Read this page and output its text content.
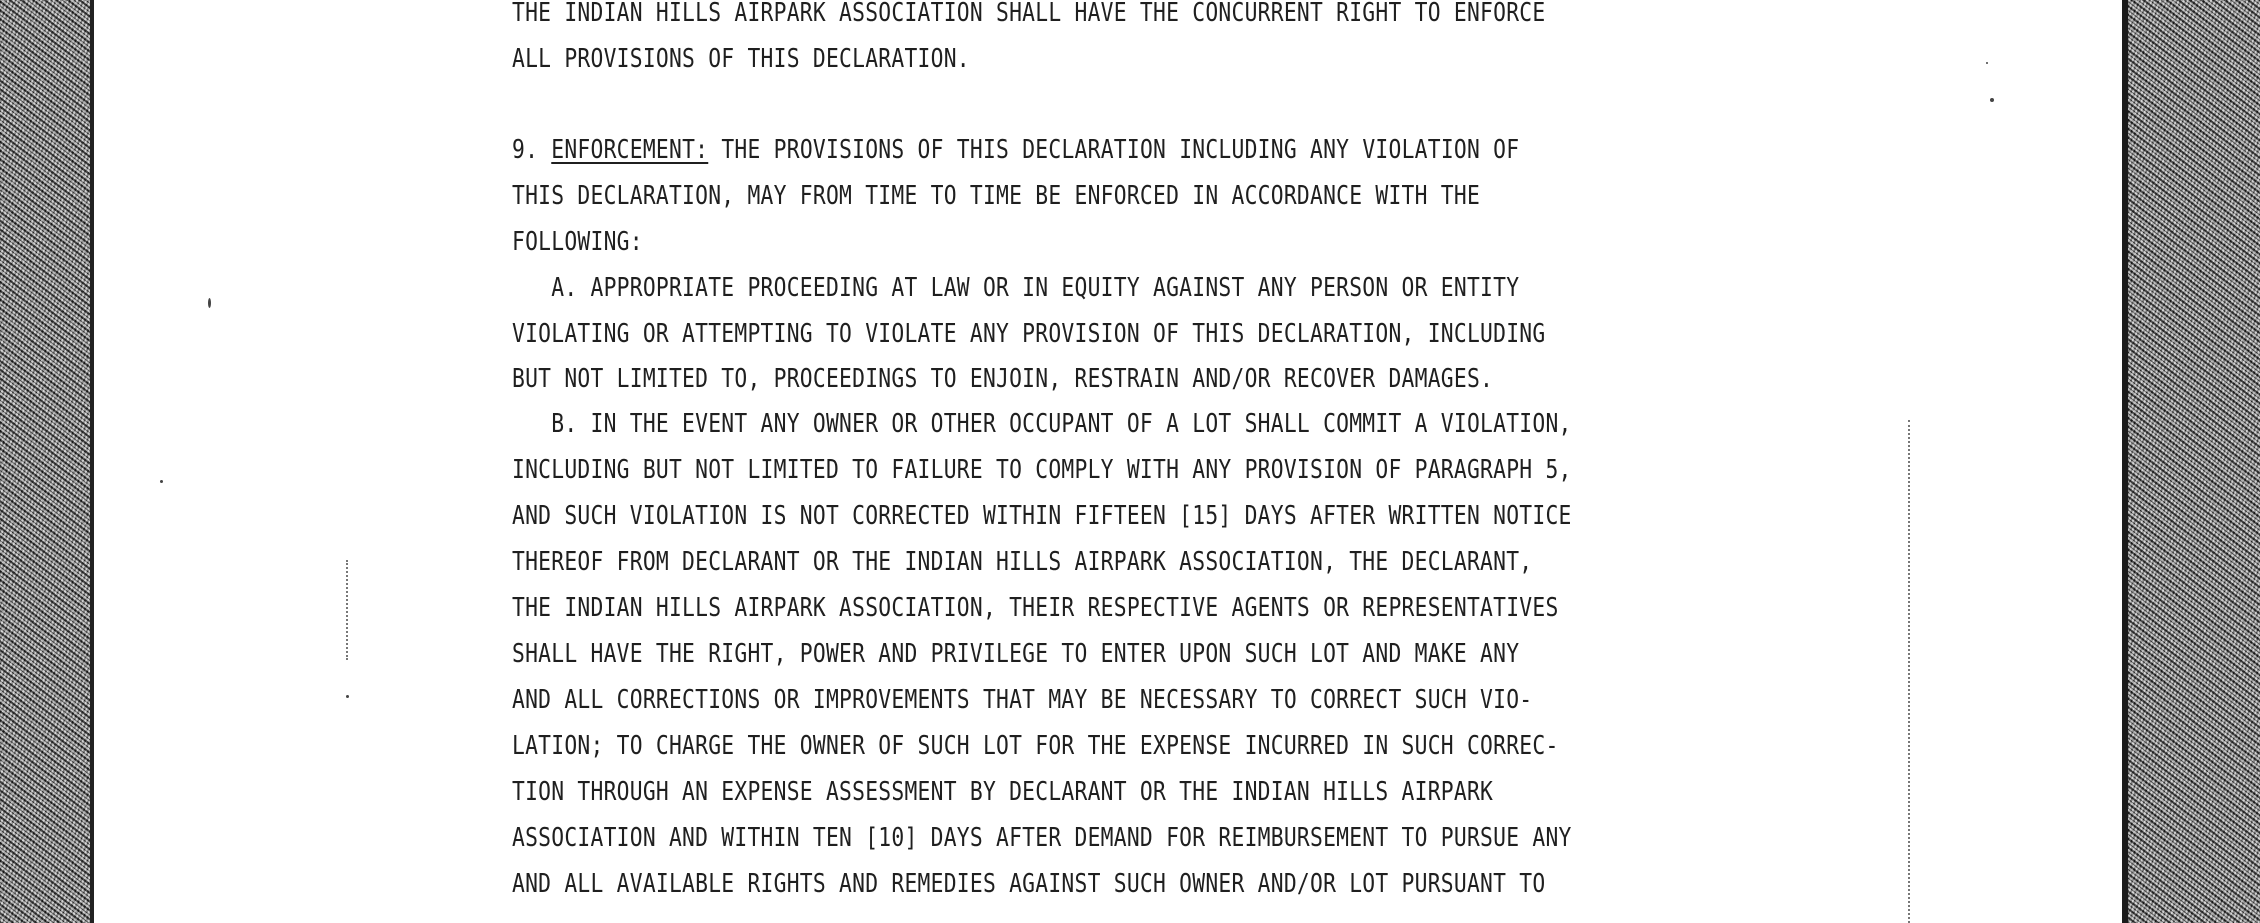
THE INDIAN HILLS AIRPARK ASSOCIATION SHALL HAVE THE CONCURRENT RIGHT TO ENFORCE
ALL PROVISIONS OF THIS DECLARATION.
9. ENFORCEMENT: THE PROVISIONS OF THIS DECLARATION INCLUDING ANY VIOLATION OF
THIS DECLARATION, MAY FROM TIME TO TIME BE ENFORCED IN ACCORDANCE WITH THE
FOLLOWING:
A. APPROPRIATE PROCEEDING AT LAW OR IN EQUITY AGAINST ANY PERSON OR ENTITY
VIOLATING OR ATTEMPTING TO VIOLATE ANY PROVISION OF THIS DECLARATION, INCLUDING
BUT NOT LIMITED TO, PROCEEDINGS TO ENJOIN, RESTRAIN AND/OR RECOVER DAMAGES.
B. IN THE EVENT ANY OWNER OR OTHER OCCUPANT OF A LOT SHALL COMMIT A VIOLATION,
INCLUDING BUT NOT LIMITED TO FAILURE TO COMPLY WITH ANY PROVISION OF PARAGRAPH 5,
AND SUCH VIOLATION IS NOT CORRECTED WITHIN FIFTEEN [15] DAYS AFTER WRITTEN NOTICE
THEREOF FROM DECLARANT OR THE INDIAN HILLS AIRPARK ASSOCIATION, THE DECLARANT,
THE INDIAN HILLS AIRPARK ASSOCIATION, THEIR RESPECTIVE AGENTS OR REPRESENTATIVES
SHALL HAVE THE RIGHT, POWER AND PRIVILEGE TO ENTER UPON SUCH LOT AND MAKE ANY
AND ALL CORRECTIONS OR IMPROVEMENTS THAT MAY BE NECESSARY TO CORRECT SUCH VIO-
LATION; TO CHARGE THE OWNER OF SUCH LOT FOR THE EXPENSE INCURRED IN SUCH CORREC-
TION THROUGH AN EXPENSE ASSESSMENT BY DECLARANT OR THE INDIAN HILLS AIRPARK
ASSOCIATION AND WITHIN TEN [10] DAYS AFTER DEMAND FOR REIMBURSEMENT TO PURSUE ANY
AND ALL AVAILABLE RIGHTS AND REMEDIES AGAINST SUCH OWNER AND/OR LOT PURSUANT TO
